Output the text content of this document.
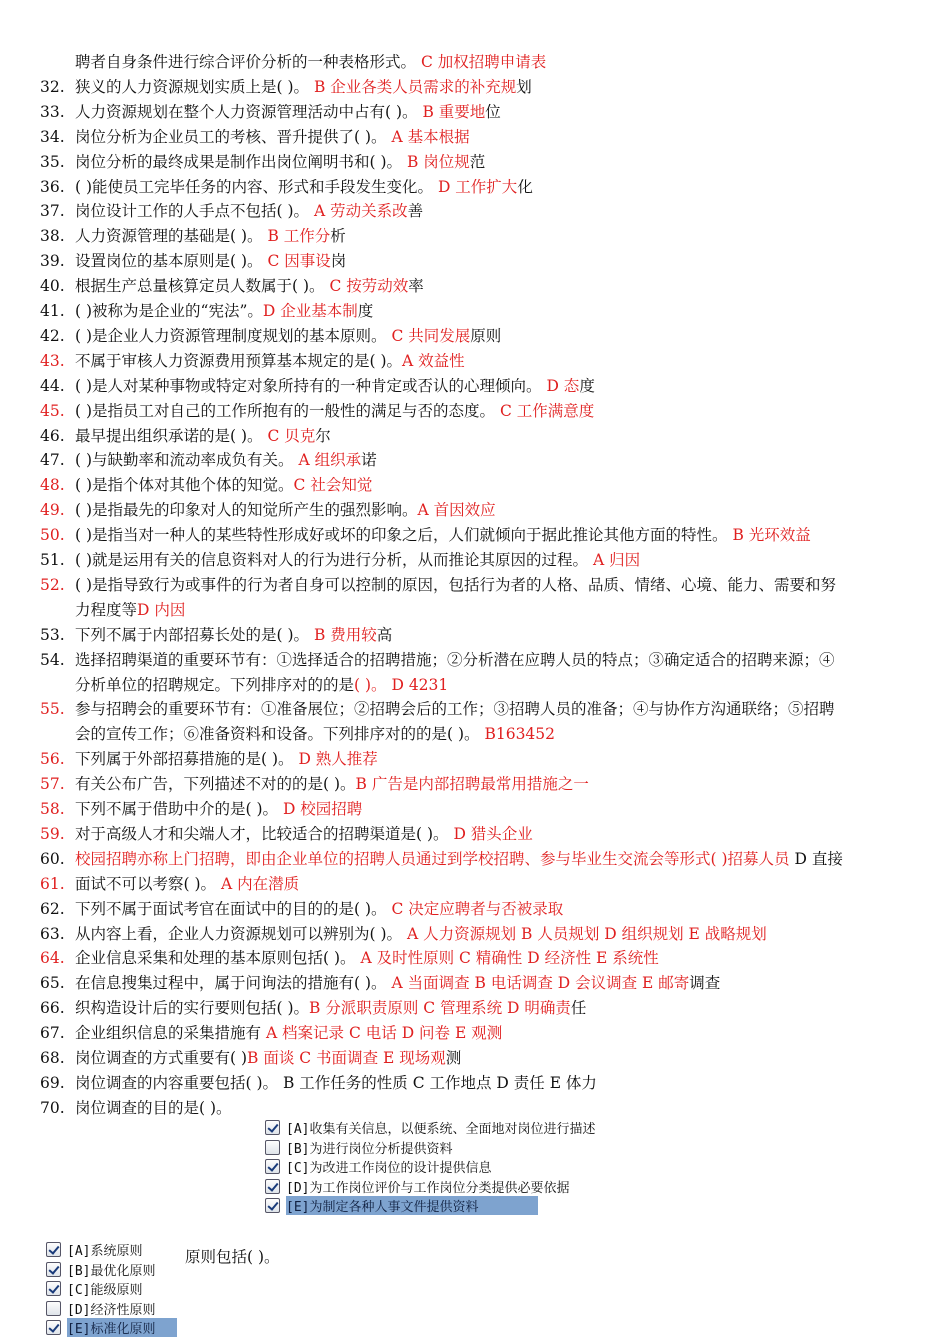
聘者自身条件进行综合评价分析的一种表格形式。 C 加权招聘申请表
32. 狭义的人力资源规划实质上是( )。 B 企业各类人员需求的补充规划
33. 人力资源规划在整个人力资源管理活动中占有( )。 B 重要地位
34. 岗位分析为企业员工的考核、晋升提供了( )。 A 基本根据
35. 岗位分析的最终成果是制作出岗位阐明书和( )。 B 岗位规范
36. ( )能使员工完毕任务的内容、形式和手段发生变化。 D 工作扩大化
37. 岗位设计工作的人手点不包括( )。 A 劳动关系改善
38. 人力资源管理的基础是( )。 B 工作分析
39. 设置岗位的基本原则是( )。 C 因事设岗
40. 根据生产总量核算定员人数属于( )。 C 按劳动效率
41. ( )被称为是企业的“宪法”。D 企业基本制度
42. ( )是企业人力资源管理制度规划的基本原则。 C 共同发展原则
43. 不属于审核人力资源费用预算基本规定的是( )。A 效益性
44. ( )是人对某种事物或特定对象所持有的一种肯定或否认的心理倾向。 D 态度
45. ( )是指员工对自己的工作所抱有的一般性的满足与否的态度。 C 工作满意度
46. 最早提出组织承诺的是( )。 C 贝克尔
47. ( )与缺勤率和流动率成负有关。 A 组织承诺
48. ( )是指个体对其他个体的知觉。C 社会知觉
49. ( )是指最先的印象对人的知觉所产生的强烈影响。A 首因效应
50. ( )是指当对一种人的某些特性形成好或坏的印象之后，人们就倾向于据此推论其他方面的特性。 B 光环效益
51. ( )就是运用有关的信息资料对人的行为进行分析，从而推论其原因的过程。 A 归因
52. ( )是指导致行为或事件的行为者自身可以控制的原因，包括行为者的人格、品质、情绪、心境、能力、需要和努
力程度等D 内因
53. 下列不属于内部招募长处的是( )。 B 费用较高
54. 选择招聘渠道的重要环节有：①选择适合的招聘措施；②分析潜在应聘人员的特点；③确定适合的招聘来源；④
分析单位的招聘规定。下列排序对的的是( )。 D 4231
55. 参与招聘会的重要环节有：①准备展位；②招聘会后的工作；③招聘人员的准备；④与协作方沟通联络；⑤招聘
会的宣传工作；⑥准备资料和设备。下列排序对的的是( )。 B163452
56. 下列属于外部招募措施的是( )。 D 熟人推荐
57. 有关公布广告，下列描述不对的的是( )。B 广告是内部招聘最常用措施之一
58. 下列不属于借助中介的是( )。 D 校园招聘
59. 对于高级人才和尖端人才，比较适合的招聘渠道是( )。 D 猎头企业
60. 校园招聘亦称上门招聘，即由企业单位的招聘人员通过到学校招聘、参与毕业生交流会等形式( )招募人员 D 直接
61. 面试不可以考察( )。 A 内在潜质
62. 下列不属于面试考官在面试中的目的的是( )。 C 决定应聘者与否被录取
63. 从内容上看，企业人力资源规划可以辨别为( )。 A 人力资源规划 B 人员规划 D 组织规划 E 战略规划
64. 企业信息采集和处理的基本原则包括( )。 A 及时性原则 C 精确性 D 经济性 E 系统性
65. 在信息搜集过程中，属于问询法的措施有( )。 A 当面调查 B 电话调查 D 会议调查 E 邮寄调查
66. 织构造设计后的实行要则包括( )。B 分派职责原则 C 管理系统 D 明确责任
67. 企业组织信息的采集措施有 A 档案记录 C 电话 D 问卷 E 观测
68. 岗位调查的方式重要有( )B 面谈 C 书面调查 E 现场观测
69. 岗位调查的内容重要包括( )。 B 工作任务的性质 C 工作地点 D 责任 E 体力
70. 岗位调查的目的是( )。
[A]收集有关信息，以便系统、全面地对岗位进行描述
[B]为进行岗位分析提供资料
[C]为改进工作岗位的设计提供信息
[D]为工作岗位评价与工作岗位分类提供必要依据
[E]为制定各种人事文件提供资料
[A]系统原则
[B]最优化原则
[C]能级原则
[D]经济性原则
[E]标准化原则
原则包括( )。
